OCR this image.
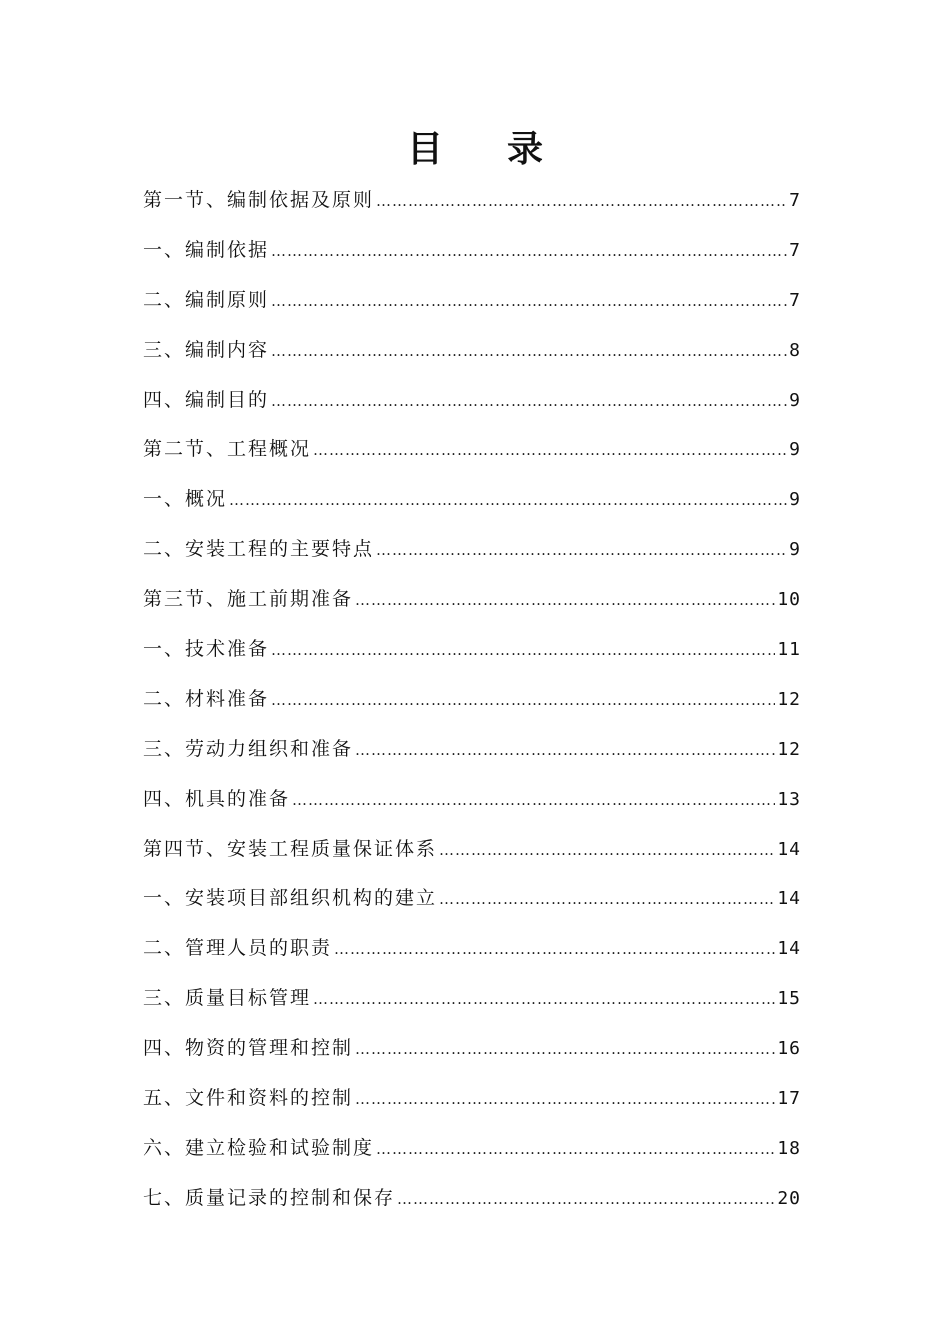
目录
第一节、编制依据及原则 …………………………………………………………………………………………………………………………………………………………	7
一、编制依据 …………………………………………………………………………………………………………………………………………………………	7
二、编制原则 …………………………………………………………………………………………………………………………………………………………	7
三、编制内容 …………………………………………………………………………………………………………………………………………………………	8
四、编制目的 …………………………………………………………………………………………………………………………………………………………	9
第二节、工程概况 …………………………………………………………………………………………………………………………………………………………	9
一、概况 …………………………………………………………………………………………………………………………………………………………	9
二、安装工程的主要特点 …………………………………………………………………………………………………………………………………………………………	9
第三节、施工前期准备 …………………………………………………………………………………………………………………………………………………………	10
一、技术准备 …………………………………………………………………………………………………………………………………………………………	11
二、材料准备 …………………………………………………………………………………………………………………………………………………………	12
三、劳动力组织和准备 …………………………………………………………………………………………………………………………………………………………	12
四、机具的准备 …………………………………………………………………………………………………………………………………………………………	13
第四节、安装工程质量保证体系 …………………………………………………………………………………………………………………………………………………………	14
一、安装项目部组织机构的建立 …………………………………………………………………………………………………………………………………………………………	14
二、管理人员的职责 …………………………………………………………………………………………………………………………………………………………	14
三、质量目标管理 …………………………………………………………………………………………………………………………………………………………	15
四、物资的管理和控制 …………………………………………………………………………………………………………………………………………………………	16
五、文件和资料的控制 …………………………………………………………………………………………………………………………………………………………	17
六、建立检验和试验制度 …………………………………………………………………………………………………………………………………………………………	18
七、质量记录的控制和保存 …………………………………………………………………………………………………………………………………………………………	20
